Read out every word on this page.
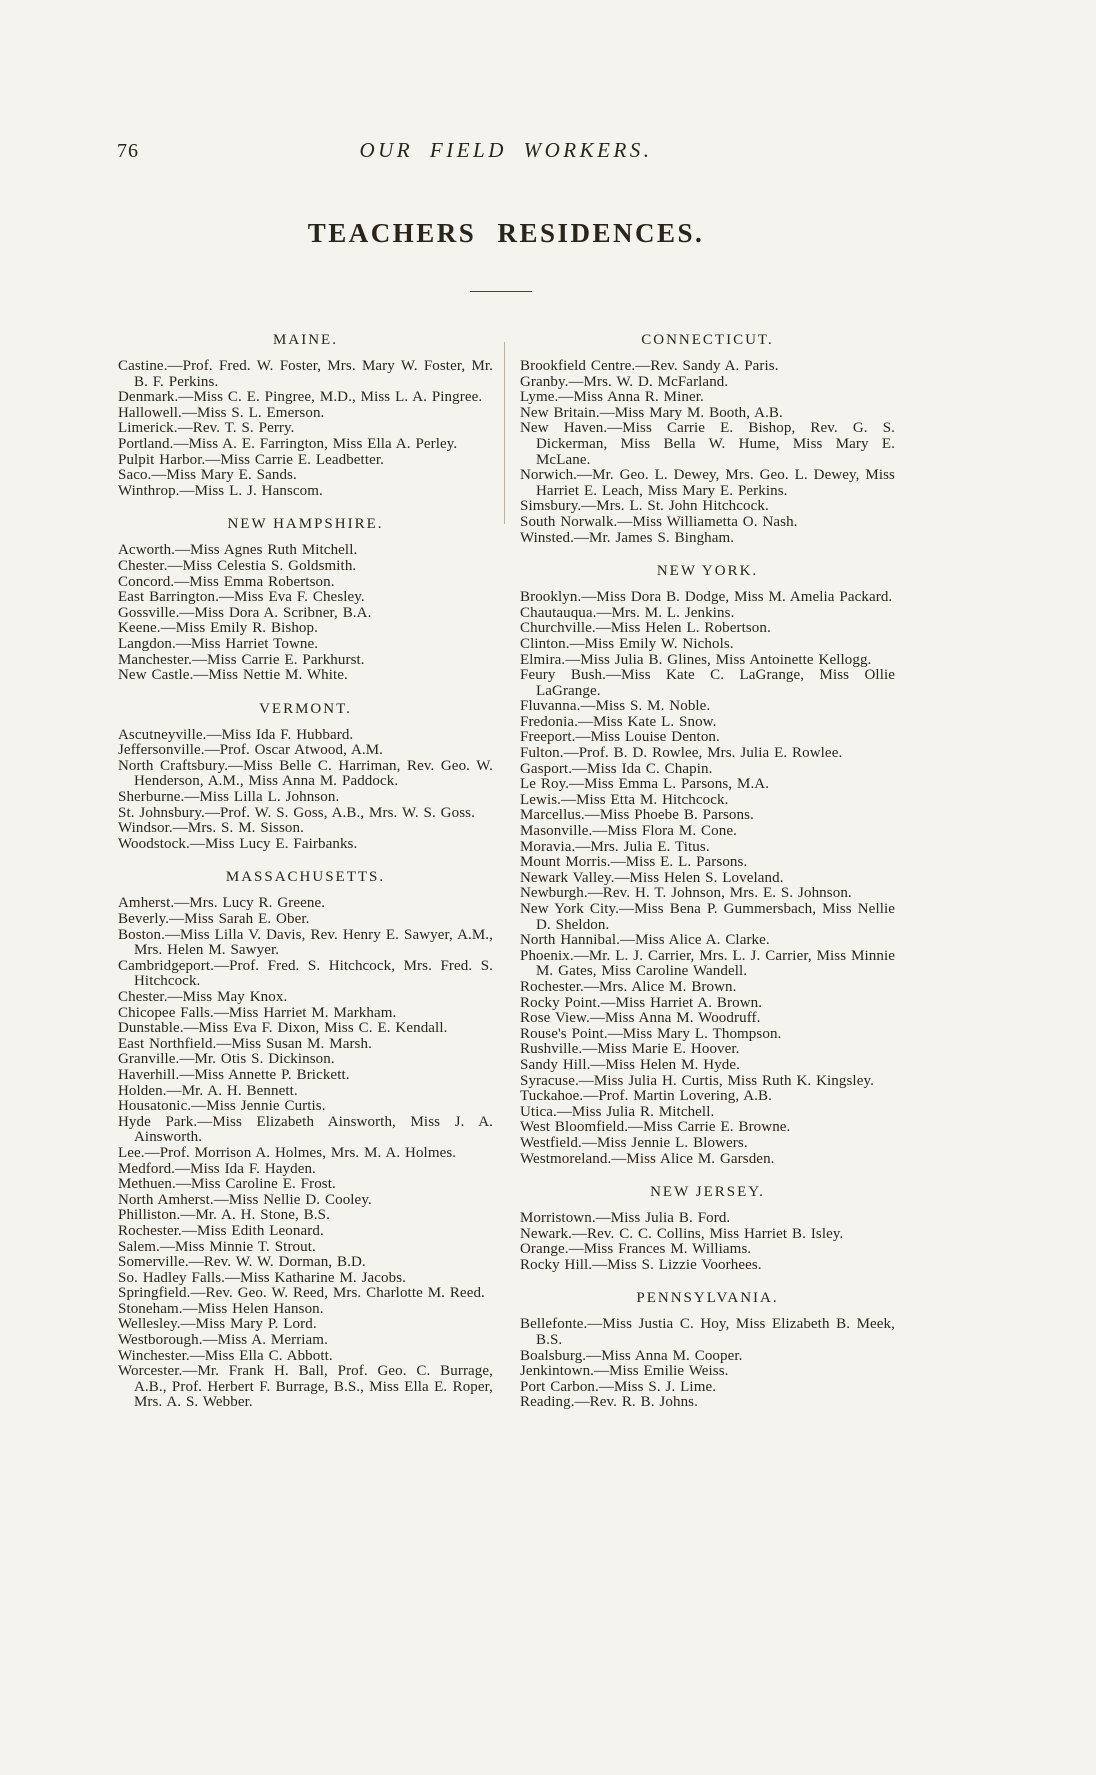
76	OUR FIELD WORKERS.
TEACHERS RESIDENCES.
MAINE.

Castine.—Prof. Fred. W. Foster, Mrs. Mary W. Foster, Mr. B. F. Perkins.

Denmark.—Miss C. E. Pingree, M.D., Miss L. A. Pingree.

Hallowell.—Miss S. L. Emerson.

Limerick.—Rev. T. S. Perry.

Portland.—Miss A. E. Farrington, Miss Ella A. Perley.

Pulpit Harbor.—Miss Carrie E. Leadbetter.

Saco.—Miss Mary E. Sands.

Winthrop.—Miss L. J. Hanscom.

NEW HAMPSHIRE.

Acworth.—Miss Agnes Ruth Mitchell.

Chester.—Miss Celestia S. Goldsmith.

Concord.—Miss Emma Robertson.

East Barrington.—Miss Eva F. Chesley.

Gossville.—Miss Dora A. Scribner, B.A.

Keene.—Miss Emily R. Bishop.

Langdon.—Miss Harriet Towne.

Manchester.—Miss Carrie E. Parkhurst.

New Castle.—Miss Nettie M. White.

VERMONT.

Ascutneyville.—Miss Ida F. Hubbard.

Jeffersonville.—Prof. Oscar Atwood, A.M.

North Craftsbury.—Miss Belle C. Harriman, Rev. Geo. W. Henderson, A.M., Miss Anna M. Paddock.

Sherburne.—Miss Lilla L. Johnson.

St. Johnsbury.—Prof. W. S. Goss, A.B., Mrs. W. S. Goss.

Windsor.—Mrs. S. M. Sisson.

Woodstock.—Miss Lucy E. Fairbanks.

MASSACHUSETTS.

Amherst.—Mrs. Lucy R. Greene.

Beverly.—Miss Sarah E. Ober.

Boston.—Miss Lilla V. Davis, Rev. Henry E. Sawyer, A.M., Mrs. Helen M. Sawyer.

Cambridgeport.—Prof. Fred. S. Hitchcock, Mrs. Fred. S. Hitchcock.

Chester.—Miss May Knox.

Chicopee Falls.—Miss Harriet M. Markham.

Dunstable.—Miss Eva F. Dixon, Miss C. E. Kendall.

East Northfield.—Miss Susan M. Marsh.

Granville.—Mr. Otis S. Dickinson.

Haverhill.—Miss Annette P. Brickett.

Holden.—Mr. A. H. Bennett.

Housatonic.—Miss Jennie Curtis.

Hyde Park.—Miss Elizabeth Ainsworth, Miss J. A. Ainsworth.

Lee.—Prof. Morrison A. Holmes, Mrs. M. A. Holmes.

Medford.—Miss Ida F. Hayden.

Methuen.—Miss Caroline E. Frost.

North Amherst.—Miss Nellie D. Cooley.

Philliston.—Mr. A. H. Stone, B.S.

Rochester.—Miss Edith Leonard.

Salem.—Miss Minnie T. Strout.

Somerville.—Rev. W. W. Dorman, B.D.

So. Hadley Falls.—Miss Katharine M. Jacobs.

Springfield.—Rev. Geo. W. Reed, Mrs. Charlotte M. Reed.

Stoneham.—Miss Helen Hanson.

Wellesley.—Miss Mary P. Lord.

Westborough.—Miss A. Merriam.

Winchester.—Miss Ella C. Abbott.

Worcester.—Mr. Frank H. Ball, Prof. Geo. C. Burrage, A.B., Prof. Herbert F. Burrage, B.S., Miss Ella E. Roper, Mrs. A. S. Webber.

CONNECTICUT.

Brookfield Centre.—Rev. Sandy A. Paris.

Granby.—Mrs. W. D. McFarland.

Lyme.—Miss Anna R. Miner.

New Britain.—Miss Mary M. Booth, A.B.

New Haven.—Miss Carrie E. Bishop, Rev. G. S. Dickerman, Miss Bella W. Hume, Miss Mary E. McLane.

Norwich.—Mr. Geo. L. Dewey, Mrs. Geo. L. Dewey, Miss Harriet E. Leach, Miss Mary E. Perkins.

Simsbury.—Mrs. L. St. John Hitchcock.

South Norwalk.—Miss Williametta O. Nash.

Winsted.—Mr. James S. Bingham.

NEW YORK.

Brooklyn.—Miss Dora B. Dodge, Miss M. Amelia Packard.

Chautauqua.—Mrs. M. L. Jenkins.

Churchville.—Miss Helen L. Robertson.

Clinton.—Miss Emily W. Nichols.

Elmira.—Miss Julia B. Glines, Miss Antoinette Kellogg.

Feury Bush.—Miss Kate C. LaGrange, Miss Ollie LaGrange.

Fluvanna.—Miss S. M. Noble.

Fredonia.—Miss Kate L. Snow.

Freeport.—Miss Louise Denton.

Fulton.—Prof. B. D. Rowlee, Mrs. Julia E. Rowlee.

Gasport.—Miss Ida C. Chapin.

Le Roy.—Miss Emma L. Parsons, M.A.

Lewis.—Miss Etta M. Hitchcock.

Marcellus.—Miss Phoebe B. Parsons.

Masonville.—Miss Flora M. Cone.

Moravia.—Mrs. Julia E. Titus.

Mount Morris.—Miss E. L. Parsons.

Newark Valley.—Miss Helen S. Loveland.

Newburgh.—Rev. H. T. Johnson, Mrs. E. S. Johnson.

New York City.—Miss Bena P. Gummersbach, Miss Nellie D. Sheldon.

North Hannibal.—Miss Alice A. Clarke.

Phoenix.—Mr. L. J. Carrier, Mrs. L. J. Carrier, Miss Minnie M. Gates, Miss Caroline Wandell.

Rochester.—Mrs. Alice M. Brown.

Rocky Point.—Miss Harriet A. Brown.

Rose View.—Miss Anna M. Woodruff.

Rouse's Point.—Miss Mary L. Thompson.

Rushville.—Miss Marie E. Hoover.

Sandy Hill.—Miss Helen M. Hyde.

Syracuse.—Miss Julia H. Curtis, Miss Ruth K. Kingsley.

Tuckahoe.—Prof. Martin Lovering, A.B.

Utica.—Miss Julia R. Mitchell.

West Bloomfield.—Miss Carrie E. Browne.

Westfield.—Miss Jennie L. Blowers.

Westmoreland.—Miss Alice M. Garsden.

NEW JERSEY.

Morristown.—Miss Julia B. Ford.

Newark.—Rev. C. C. Collins, Miss Harriet B. Isley.

Orange.—Miss Frances M. Williams.

Rocky Hill.—Miss S. Lizzie Voorhees.

PENNSYLVANIA.

Bellefonte.—Miss Justia C. Hoy, Miss Elizabeth B. Meek, B.S.

Boalsburg.—Miss Anna M. Cooper.

Jenkintown.—Miss Emilie Weiss.

Port Carbon.—Miss S. J. Lime.

Reading.—Rev. R. B. Johns.
